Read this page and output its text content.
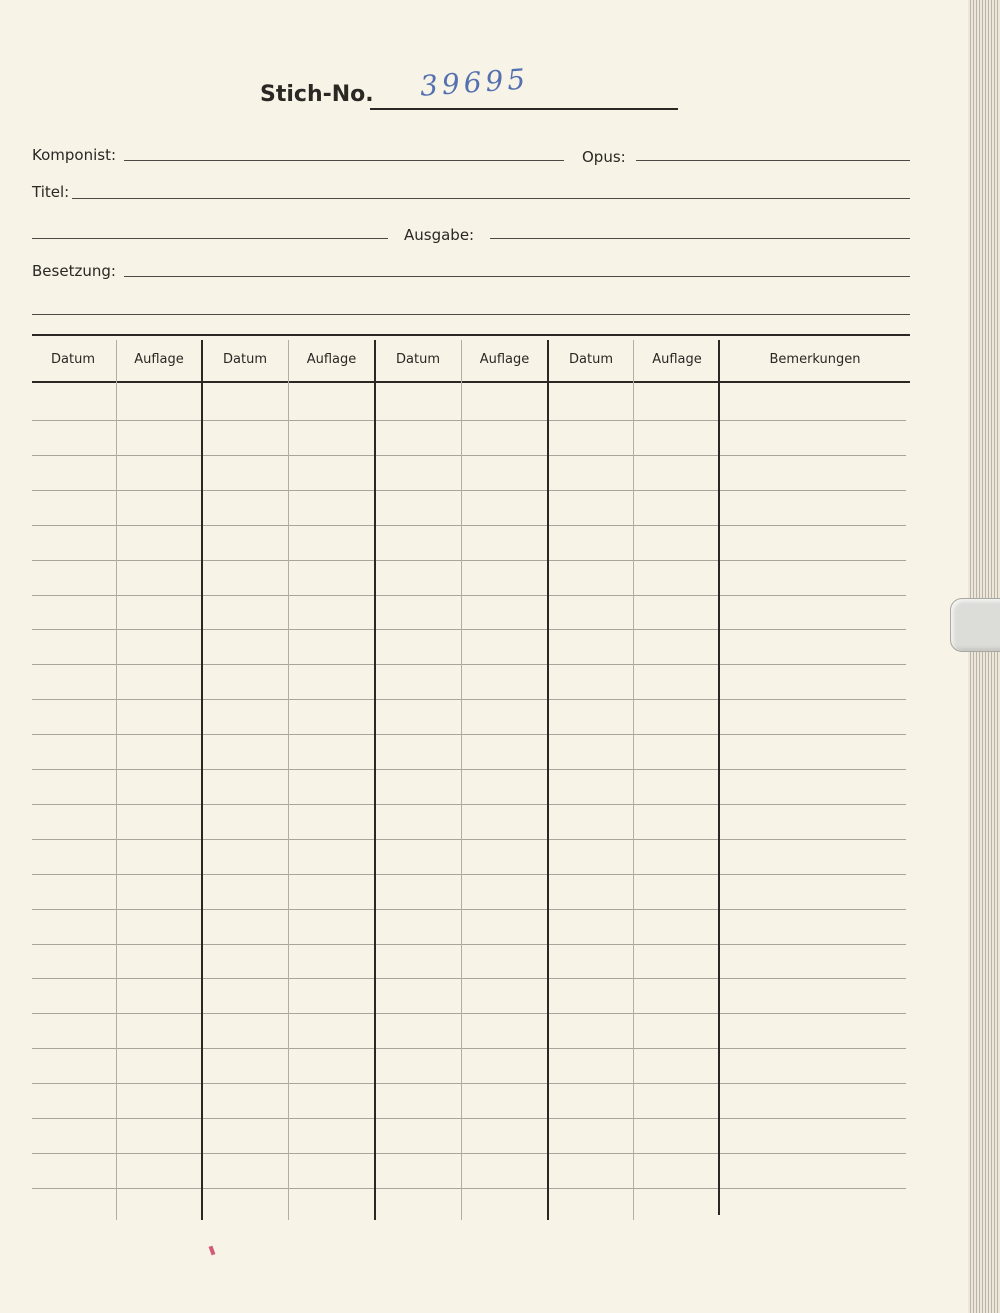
Stich-No. 39695
Komponist:	Opus:
Titel:
Ausgabe:
Besetzung:
Datum	Auflage	Datum	Auflage	Datum	Auflage	Datum	Auflage	Bemerkungen
